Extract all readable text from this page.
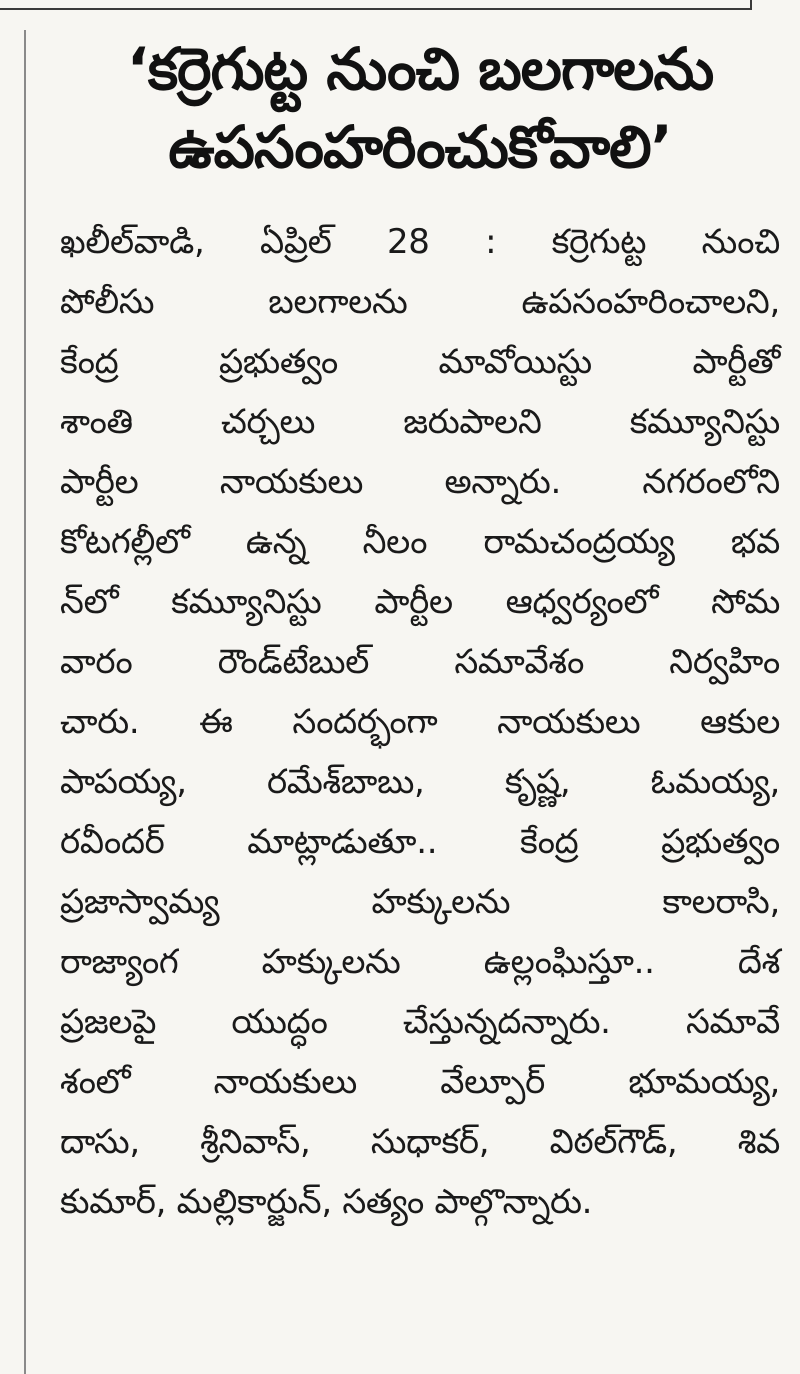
‘కర్రెగుట్ట నుంచి బలగాలను
ఉపసంహరించుకోవాలి’
ఖలీల్‌వాడి, ఏప్రిల్ 28 : కర్రెగుట్ట నుంచి
పోలీసు బలగాలను ఉపసంహరించాలని,
కేంద్ర ప్రభుత్వం మావోయిస్టు పార్టీతో
శాంతి చర్చలు జరుపాలని కమ్యూనిస్టు
పార్టీల నాయకులు అన్నారు. నగరంలోని
కోటగల్లీలో ఉన్న నీలం రామచంద్రయ్య భవ
న్‌లో కమ్యూనిస్టు పార్టీల ఆధ్వర్యంలో సోమ
వారం రౌండ్‌టేబుల్ సమావేశం నిర్వహిం
చారు. ఈ సందర్భంగా నాయకులు ఆకుల
పాపయ్య, రమేశ్‌బాబు, కృష్ణ, ఓమయ్య,
రవీందర్ మాట్లాడుతూ.. కేంద్ర ప్రభుత్వం
ప్రజాస్వామ్య హక్కులను కాలరాసి,
రాజ్యాంగ హక్కులను ఉల్లంఘిస్తూ.. దేశ
ప్రజలపై యుద్ధం చేస్తున్నదన్నారు. సమావే
శంలో నాయకులు వేల్పూర్ భూమయ్య,
దాసు, శ్రీనివాస్, సుధాకర్, విఠల్‌గౌడ్, శివ
కుమార్, మల్లికార్జున్, సత్యం పాల్గొన్నారు.
